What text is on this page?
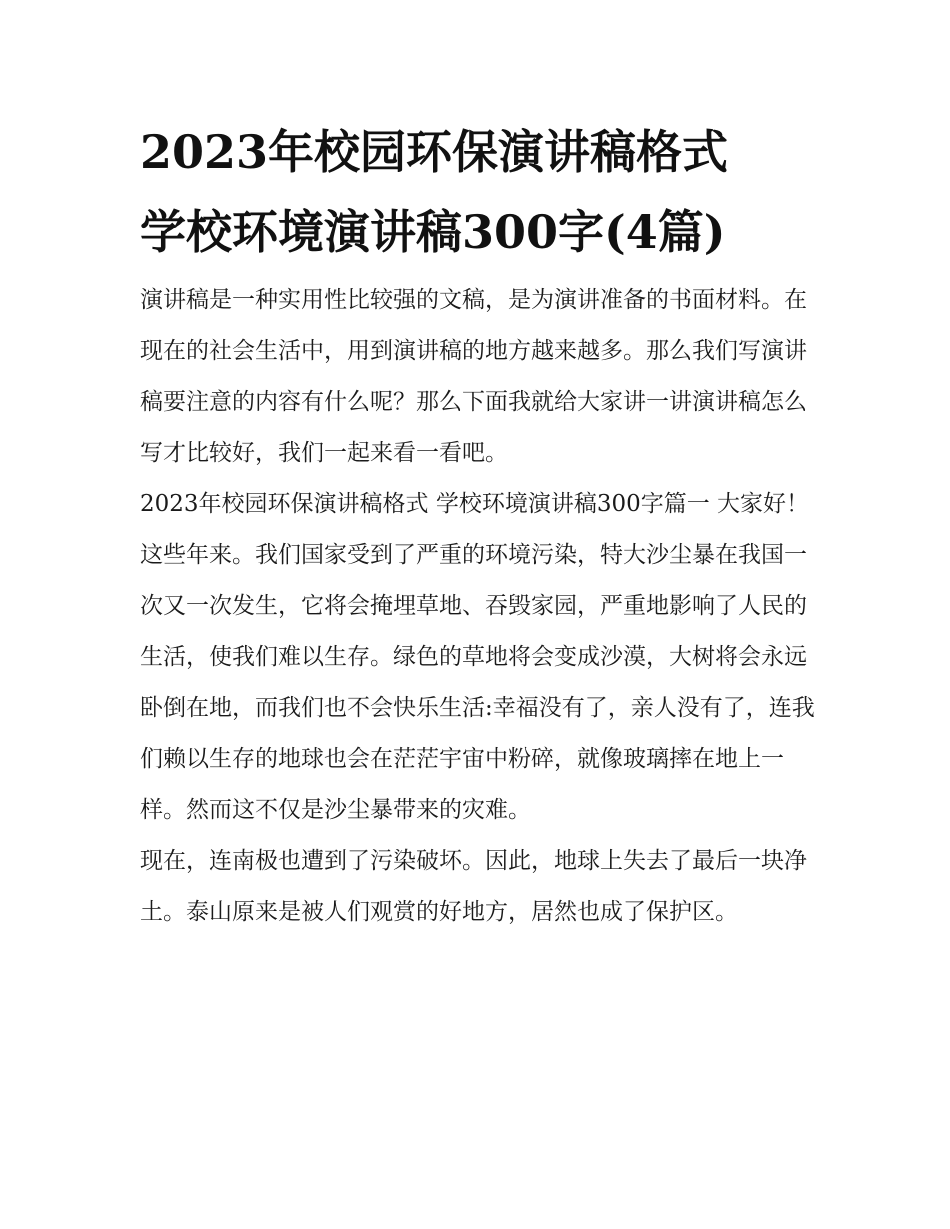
2023年校园环保演讲稿格式
学校环境演讲稿300字(4篇)

演讲稿是一种实用性比较强的文稿，是为演讲准备的书面材料。在现在的社会生活中，用到演讲稿的地方越来越多。那么我们写演讲稿要注意的内容有什么呢？那么下面我就给大家讲一讲演讲稿怎么写才比较好，我们一起来看一看吧。

2023年校园环保演讲稿格式 学校环境演讲稿300字篇一 大家好！

这些年来。我们国家受到了严重的环境污染，特大沙尘暴在我国一次又一次发生，它将会掩埋草地、吞毁家园，严重地影响了人民的生活，使我们难以生存。绿色的草地将会变成沙漠，大树将会永远卧倒在地，而我们也不会快乐生活:幸福没有了，亲人没有了，连我们赖以生存的地球也会在茫茫宇宙中粉碎，就像玻璃摔在地上一样。然而这不仅是沙尘暴带来的灾难。

现在，连南极也遭到了污染破坏。因此，地球上失去了最后一块净土。泰山原来是被人们观赏的好地方，居然也成了保护区。
